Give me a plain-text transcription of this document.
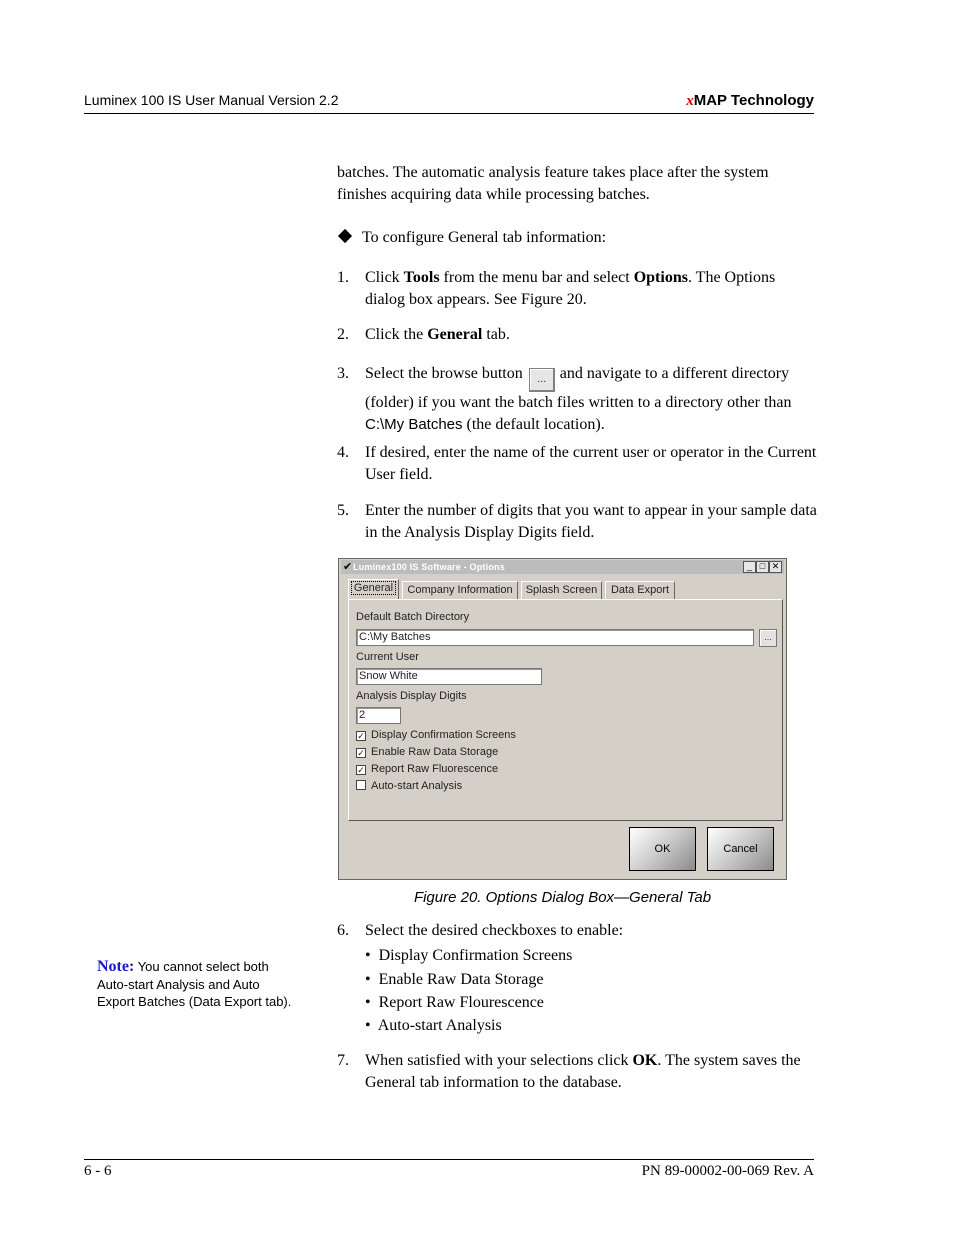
Luminex 100 IS User Manual Version 2.2	xMAP Technology
batches. The automatic analysis feature takes place after the system finishes acquiring data while processing batches.
To configure General tab information:
1.	Click Tools from the menu bar and select Options. The Options dialog box appears. See Figure 20.
2.	Click the General tab.
3.	Select the browse button ... and navigate to a different directory (folder) if you want the batch files written to a directory other than C:\My Batches (the default location).
4.	If desired, enter the name of the current user or operator in the Current User field.
5.	Enter the number of digits that you want to appear in your sample data in the Analysis Display Digits field.
✔ Luminex100 IS Software - Options	_ □ ✕
General	Company Information	Splash Screen	Data Export
Default Batch Directory
C:\My Batches	...
Current User
Snow White
Analysis Display Digits
2
✓ Display Confirmation Screens
✓ Enable Raw Data Storage
✓ Report Raw Fluorescence
Auto-start Analysis
OK	Cancel
Figure 20. Options Dialog Box—General Tab
6.	Select the desired checkboxes to enable:
•  Display Confirmation Screens
•  Enable Raw Data Storage
•  Report Raw Flourescence
•  Auto-start Analysis
7.	When satisfied with your selections click OK. The system saves the General tab information to the database.
Note: You cannot select both Auto-start Analysis and Auto Export Batches (Data Export tab).
6 - 6	PN 89-00002-00-069 Rev. A
